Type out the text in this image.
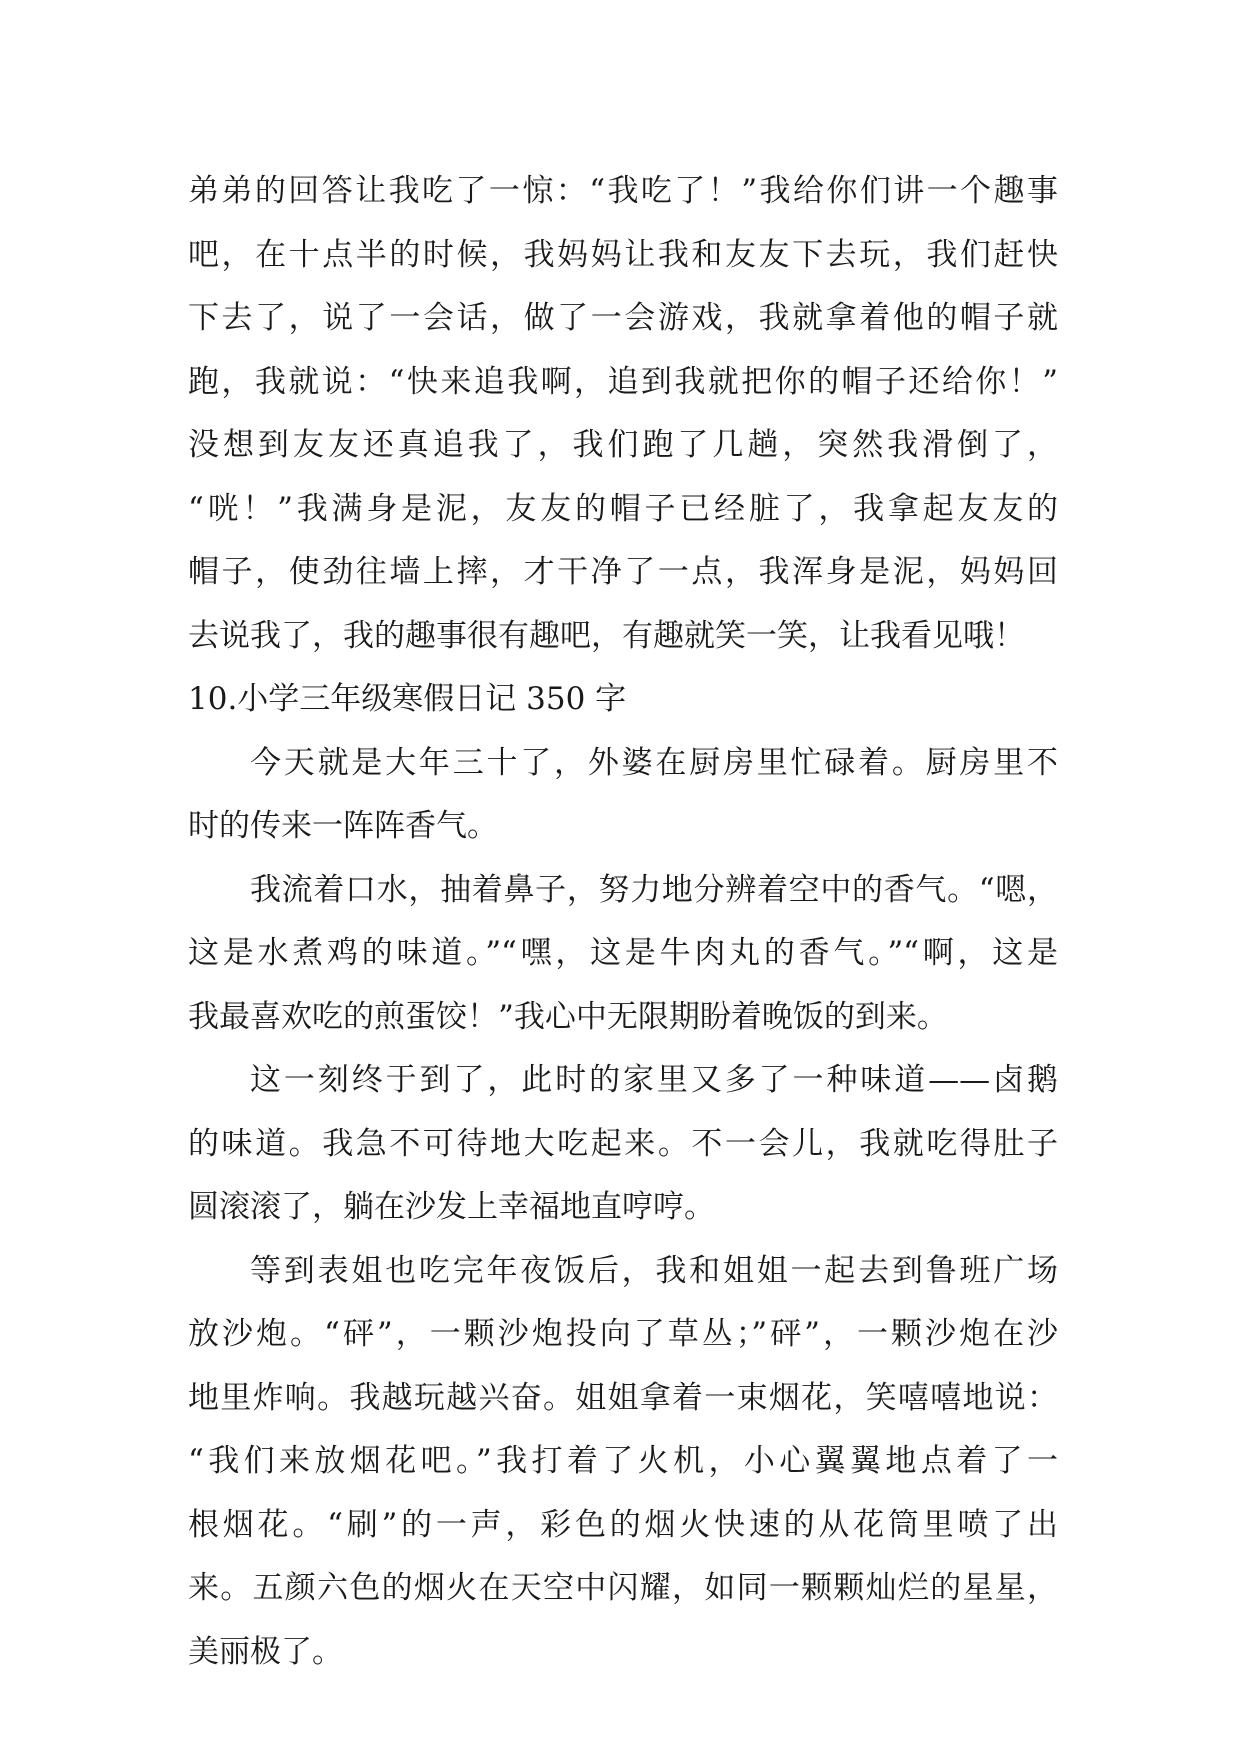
弟弟的回答让我吃了一惊：“我吃了！”我给你们讲一个趣事
吧，在十点半的时候，我妈妈让我和友友下去玩，我们赶快
下去了，说了一会话，做了一会游戏，我就拿着他的帽子就
跑，我就说：“快来追我啊，追到我就把你的帽子还给你！”
没想到友友还真追我了，我们跑了几趟，突然我滑倒了，
“咣！”我满身是泥，友友的帽子已经脏了，我拿起友友的
帽子，使劲往墙上摔，才干净了一点，我浑身是泥，妈妈回
去说我了，我的趣事很有趣吧，有趣就笑一笑，让我看见哦！
10.小学三年级寒假日记 350 字
今天就是大年三十了，外婆在厨房里忙碌着。厨房里不
时的传来一阵阵香气。
我流着口水，抽着鼻子，努力地分辨着空中的香气。“嗯，
这是水煮鸡的味道。”“嘿，这是牛肉丸的香气。”“啊，这是
我最喜欢吃的煎蛋饺！”我心中无限期盼着晚饭的到来。
这一刻终于到了，此时的家里又多了一种味道——卤鹅
的味道。我急不可待地大吃起来。不一会儿，我就吃得肚子
圆滚滚了，躺在沙发上幸福地直哼哼。
等到表姐也吃完年夜饭后，我和姐姐一起去到鲁班广场
放沙炮。“砰”，一颗沙炮投向了草丛；”砰”，一颗沙炮在沙
地里炸响。我越玩越兴奋。姐姐拿着一束烟花，笑嘻嘻地说：
“我们来放烟花吧。”我打着了火机，小心翼翼地点着了一
根烟花。“刷”的一声，彩色的烟火快速的从花筒里喷了出
来。五颜六色的烟火在天空中闪耀，如同一颗颗灿烂的星星，
美丽极了。
